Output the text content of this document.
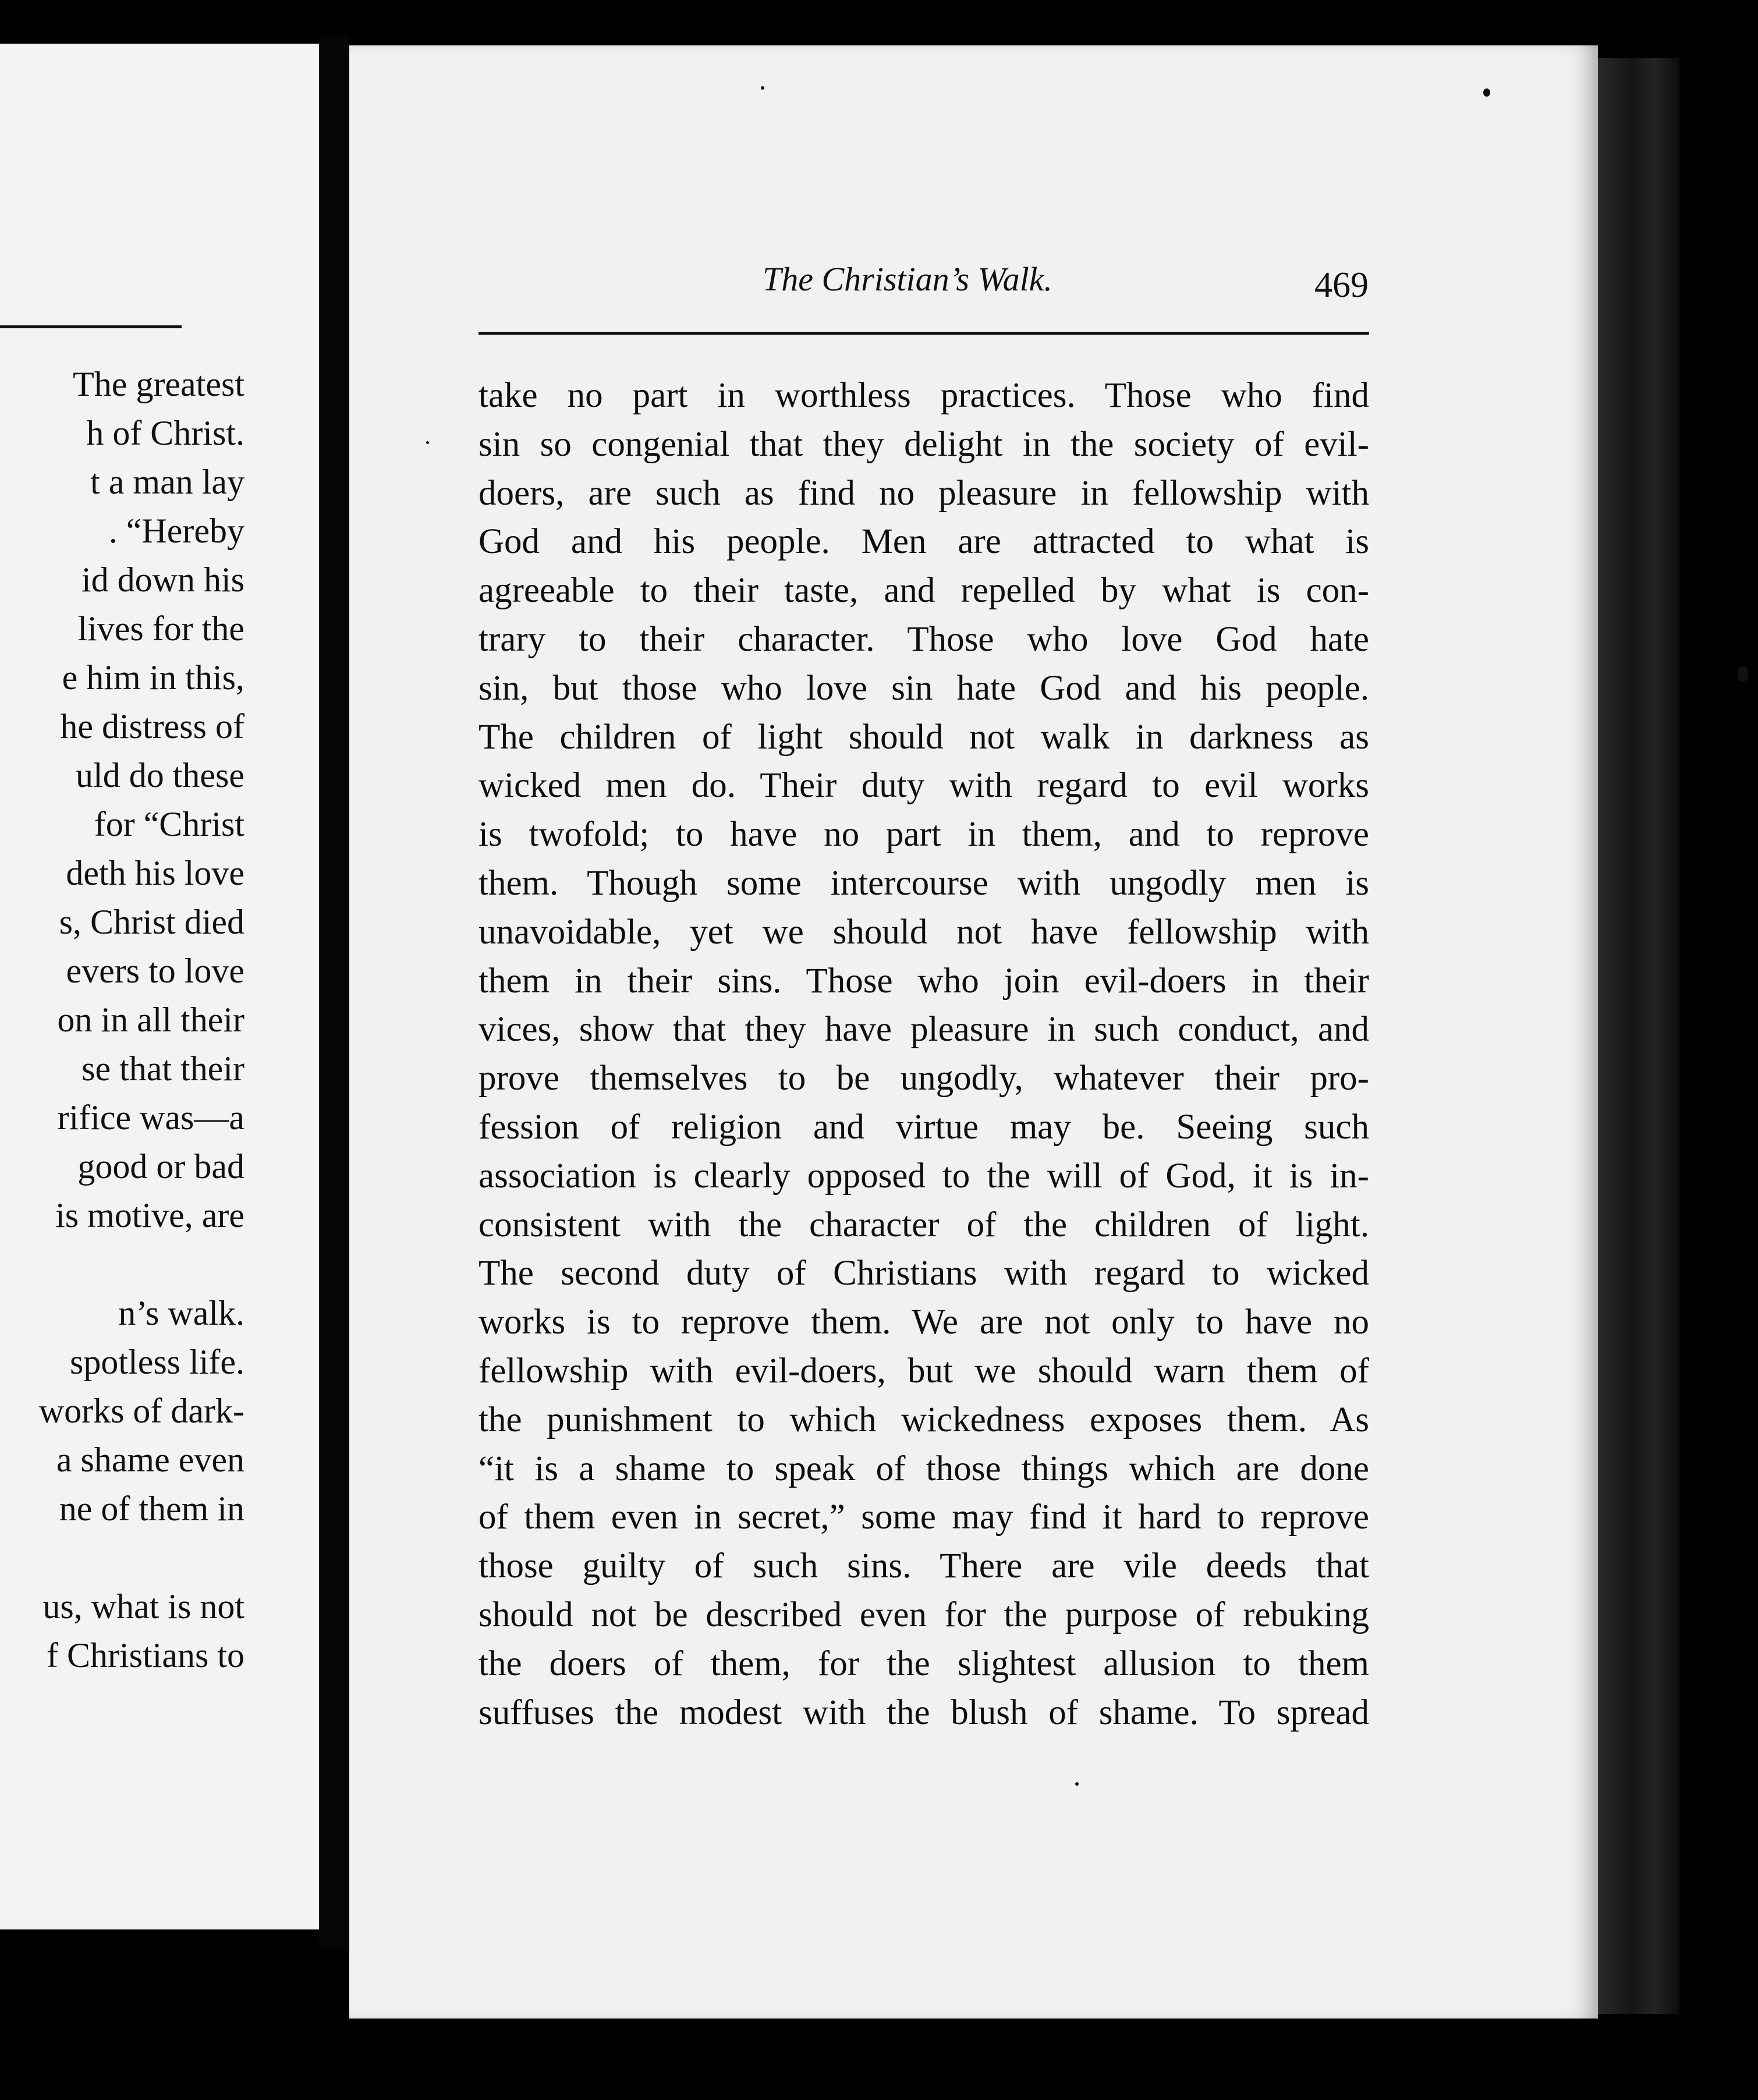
The greatest
h of Christ.
t a man lay
. “Hereby
id down his
lives for the
e him in this,
he distress of
uld do these
for “Christ
deth his love
s, Christ died
evers to love
on in all their
se that their
rifice was—a
good or bad
is motive, are
n’s walk.
spotless life.
works of dark-
a shame even
ne of them in
us, what is not
f Christians to
The Christian’s Walk.	469
take no part in worthless practices. Those who find
sin so congenial that they delight in the society of evil-
doers, are such as find no pleasure in fellowship with
God and his people. Men are attracted to what is
agreeable to their taste, and repelled by what is con-
trary to their character. Those who love God hate
sin, but those who love sin hate God and his people.
The children of light should not walk in darkness as
wicked men do. Their duty with regard to evil works
is twofold; to have no part in them, and to reprove
them. Though some intercourse with ungodly men is
unavoidable, yet we should not have fellowship with
them in their sins. Those who join evil-doers in their
vices, show that they have pleasure in such conduct, and
prove themselves to be ungodly, whatever their pro-
fession of religion and virtue may be. Seeing such
association is clearly opposed to the will of God, it is in-
consistent with the character of the children of light.
The second duty of Christians with regard to wicked
works is to reprove them. We are not only to have no
fellowship with evil-doers, but we should warn them of
the punishment to which wickedness exposes them. As
“it is a shame to speak of those things which are done
of them even in secret,” some may find it hard to reprove
those guilty of such sins. There are vile deeds that
should not be described even for the purpose of rebuking
the doers of them, for the slightest allusion to them
suffuses the modest with the blush of shame. To spread
